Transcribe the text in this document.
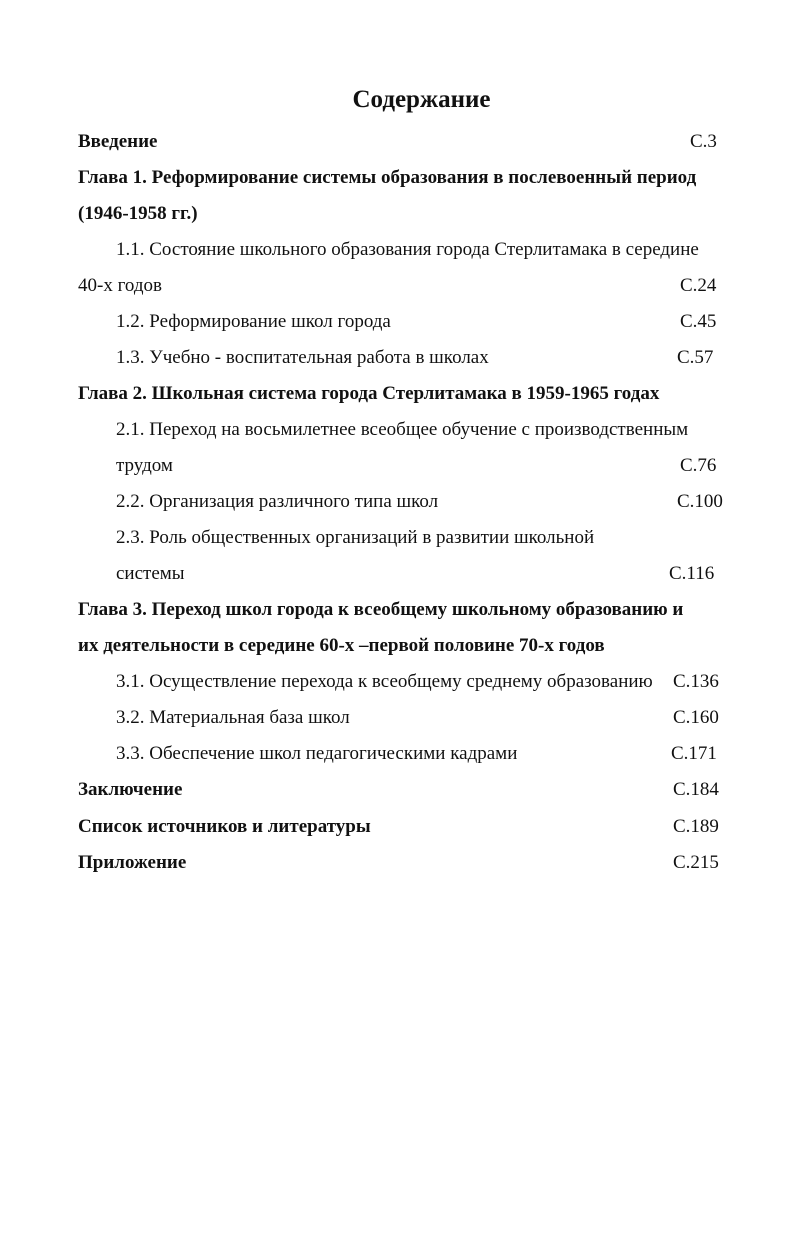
Содержание
Введение	С.3
Глава 1. Реформирование системы образования в послевоенный период
(1946-1958 гг.)
1.1. Состояние школьного образования города Стерлитамака в середине
40-х годов	С.24
1.2. Реформирование школ города	С.45
1.3. Учебно - воспитательная работа в школах	С.57
Глава 2. Школьная система города Стерлитамака в 1959-1965 годах
2.1. Переход на восьмилетнее всеобщее обучение с производственным
трудом	С.76
2.2. Организация различного типа школ	С.100
2.3. Роль общественных организаций в развитии школьной
системы	С.116
Глава 3. Переход школ города к всеобщему школьному образованию и
их деятельности в середине 60-х –первой половине 70-х годов
3.1. Осуществление перехода к всеобщему среднему образованию С.136
3.2. Материальная база школ	С.160
3.3. Обеспечение школ педагогическими кадрами	С.171
Заключение	С.184
Список источников и литературы	С.189
Приложение	С.215
